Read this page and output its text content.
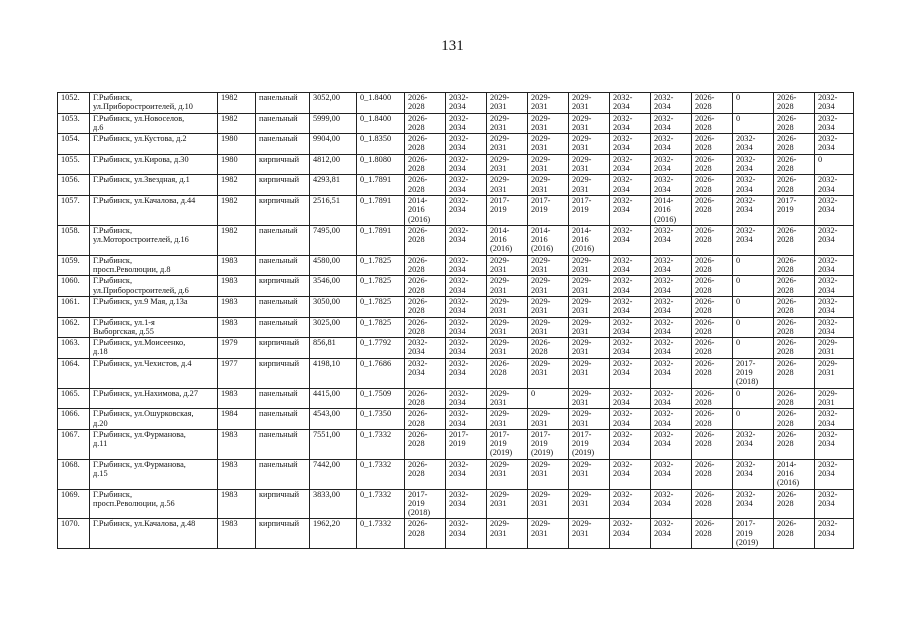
131
1052.	Г.Рыбинск,
ул.Приборостроителей, д.10	1982	панельный	3052,00	0_1.8400	2026-
2028	2032-
2034	2029-
2031	2029-
2031	2029-
2031	2032-
2034	2032-
2034	2026-
2028	0	2026-
2028	2032-
2034
1053.	Г.Рыбинск, ул.Новоселов,
д.6	1982	панельный	5999,00	0_1.8400	2026-
2028	2032-
2034	2029-
2031	2029-
2031	2029-
2031	2032-
2034	2032-
2034	2026-
2028	0	2026-
2028	2032-
2034
1054.	Г.Рыбинск, ул.Кустова, д.2	1980	панельный	9904,00	0_1.8350	2026-
2028	2032-
2034	2029-
2031	2029-
2031	2029-
2031	2032-
2034	2032-
2034	2026-
2028	2032-
2034	2026-
2028	2032-
2034
1055.	Г.Рыбинск, ул.Кирова, д.30	1980	кирпичный	4812,00	0_1.8080	2026-
2028	2032-
2034	2029-
2031	2029-
2031	2029-
2031	2032-
2034	2032-
2034	2026-
2028	2032-
2034	2026-
2028	0
1056.	Г.Рыбинск, ул.Звездная, д.1	1982	кирпичный	4293,81	0_1.7891	2026-
2028	2032-
2034	2029-
2031	2029-
2031	2029-
2031	2032-
2034	2032-
2034	2026-
2028	2032-
2034	2026-
2028	2032-
2034
1057.	Г.Рыбинск, ул.Качалова, д.44	1982	кирпичный	2516,51	0_1.7891	2014-
2016
(2016)	2032-
2034	2017-
2019	2017-
2019	2017-
2019	2032-
2034	2014-
2016
(2016)	2026-
2028	2032-
2034	2017-
2019	2032-
2034
1058.	Г.Рыбинск,
ул.Моторостроителей, д.16	1982	панельный	7495,00	0_1.7891	2026-
2028	2032-
2034	2014-
2016
(2016)	2014-
2016
(2016)	2014-
2016
(2016)	2032-
2034	2032-
2034	2026-
2028	2032-
2034	2026-
2028	2032-
2034
1059.	Г.Рыбинск,
просп.Революции, д.8	1983	панельный	4580,00	0_1.7825	2026-
2028	2032-
2034	2029-
2031	2029-
2031	2029-
2031	2032-
2034	2032-
2034	2026-
2028	0	2026-
2028	2032-
2034
1060.	Г.Рыбинск,
ул.Приборостроителей, д.6	1983	кирпичный	3546,00	0_1.7825	2026-
2028	2032-
2034	2029-
2031	2029-
2031	2029-
2031	2032-
2034	2032-
2034	2026-
2028	0	2026-
2028	2032-
2034
1061.	Г.Рыбинск, ул.9 Мая, д.13а	1983	панельный	3050,00	0_1.7825	2026-
2028	2032-
2034	2029-
2031	2029-
2031	2029-
2031	2032-
2034	2032-
2034	2026-
2028	0	2026-
2028	2032-
2034
1062.	Г.Рыбинск, ул.1-я
Выборгская, д.55	1983	панельный	3025,00	0_1.7825	2026-
2028	2032-
2034	2029-
2031	2029-
2031	2029-
2031	2032-
2034	2032-
2034	2026-
2028	0	2026-
2028	2032-
2034
1063.	Г.Рыбинск, ул.Моисеенко,
д.18	1979	кирпичный	856,81	0_1.7792	2032-
2034	2032-
2034	2029-
2031	2026-
2028	2029-
2031	2032-
2034	2032-
2034	2026-
2028	0	2026-
2028	2029-
2031
1064.	Г.Рыбинск, ул.Чехистов, д.4	1977	кирпичный	4198,10	0_1.7686	2032-
2034	2032-
2034	2026-
2028	2029-
2031	2029-
2031	2032-
2034	2032-
2034	2026-
2028	2017-
2019
(2018)	2026-
2028	2029-
2031
1065.	Г.Рыбинск, ул.Нахимова, д.27	1983	панельный	4415,00	0_1.7509	2026-
2028	2032-
2034	2029-
2031	0	2029-
2031	2032-
2034	2032-
2034	2026-
2028	0	2026-
2028	2029-
2031
1066.	Г.Рыбинск, ул.Ошурковская,
д.20	1984	панельный	4543,00	0_1.7350	2026-
2028	2032-
2034	2029-
2031	2029-
2031	2029-
2031	2032-
2034	2032-
2034	2026-
2028	0	2026-
2028	2032-
2034
1067.	Г.Рыбинск, ул.Фурманова,
д.11	1983	панельный	7551,00	0_1.7332	2026-
2028	2017-
2019	2017-
2019
(2019)	2017-
2019
(2019)	2017-
2019
(2019)	2032-
2034	2032-
2034	2026-
2028	2032-
2034	2026-
2028	2032-
2034
1068.	Г.Рыбинск, ул.Фурманова,
д.15	1983	панельный	7442,00	0_1.7332	2026-
2028	2032-
2034	2029-
2031	2029-
2031	2029-
2031	2032-
2034	2032-
2034	2026-
2028	2032-
2034	2014-
2016
(2016)	2032-
2034
1069.	Г.Рыбинск,
просп.Революции, д.56	1983	кирпичный	3833,00	0_1.7332	2017-
2019
(2018)	2032-
2034	2029-
2031	2029-
2031	2029-
2031	2032-
2034	2032-
2034	2026-
2028	2032-
2034	2026-
2028	2032-
2034
1070.	Г.Рыбинск, ул.Качалова, д.48	1983	кирпичный	1962,20	0_1.7332	2026-
2028	2032-
2034	2029-
2031	2029-
2031	2029-
2031	2032-
2034	2032-
2034	2026-
2028	2017-
2019
(2019)	2026-
2028	2032-
2034
